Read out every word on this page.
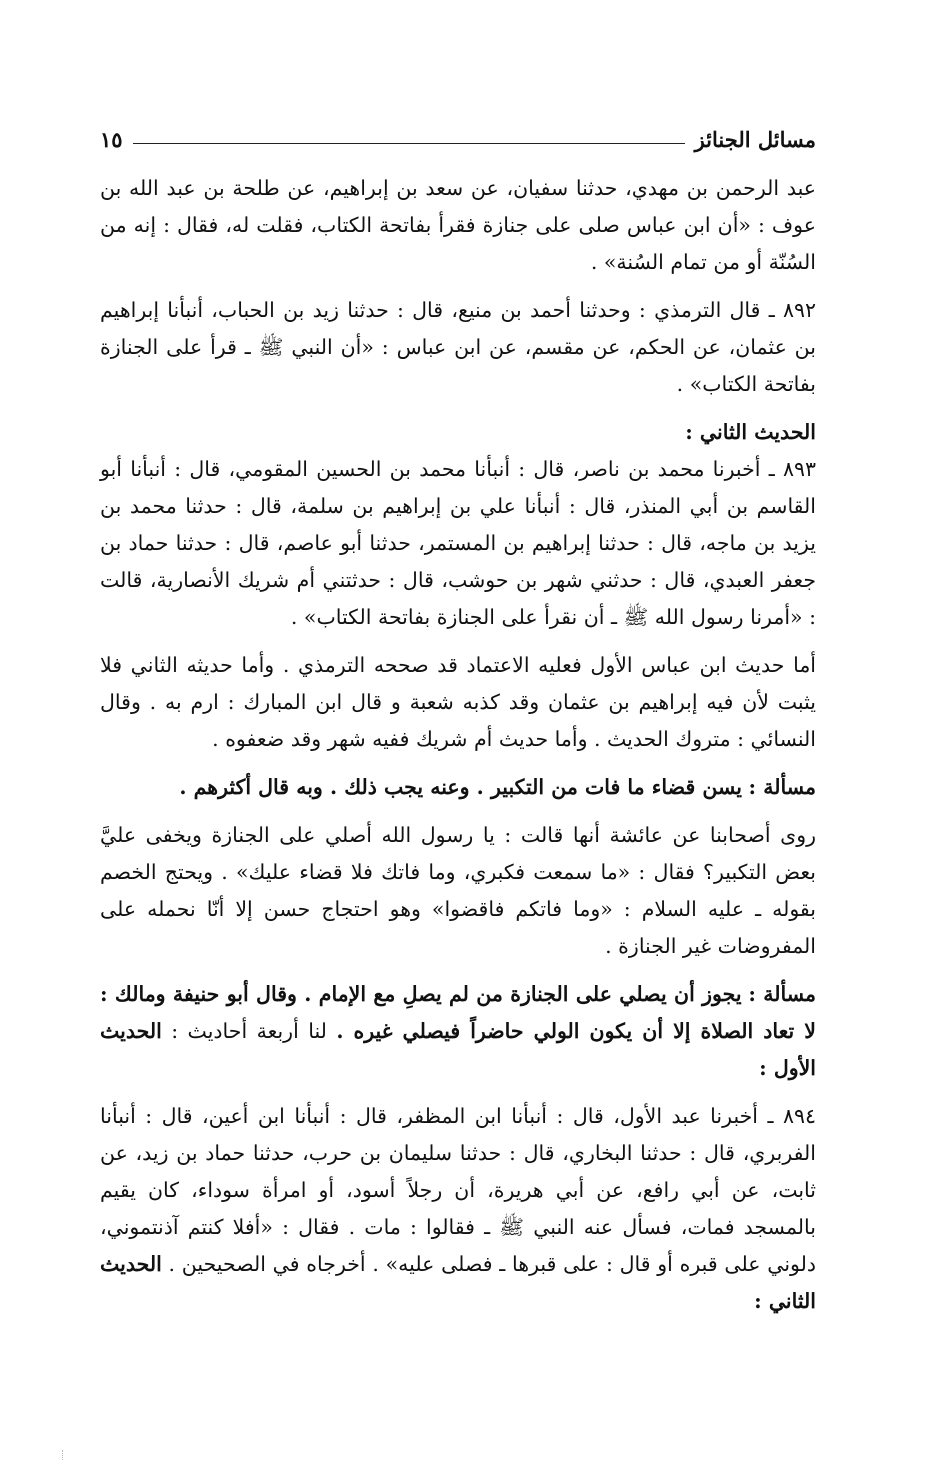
مسائل الجنائز
١٥

عبد الرحمن بن مهدي، حدثنا سفيان، عن سعد بن إبراهيم، عن طلحة بن عبد الله بن عوف : «أن ابن عباس صلى على جنازة فقرأ بفاتحة الكتاب، فقلت له، فقال : إنه من السُنّة أو من تمام السُنة» .

٨٩٢ ـ قال الترمذي : وحدثنا أحمد بن منيع، قال : حدثنا زيد بن الحباب، أنبأنا إبراهيم بن عثمان، عن الحكم، عن مقسم، عن ابن عباس : «أن النبي ﷺ ـ قرأ على الجنازة بفاتحة الكتاب» .

الحديث الثاني :

٨٩٣ ـ أخبرنا محمد بن ناصر، قال : أنبأنا محمد بن الحسين المقومي، قال : أنبأنا أبو القاسم بن أبي المنذر، قال : أنبأنا علي بن إبراهيم بن سلمة، قال : حدثنا محمد بن يزيد بن ماجه، قال : حدثنا إبراهيم بن المستمر، حدثنا أبو عاصم، قال : حدثنا حماد بن جعفر العبدي، قال : حدثني شهر بن حوشب، قال : حدثتني أم شريك الأنصارية، قالت : «أمرنا رسول الله ﷺ ـ أن نقرأ على الجنازة بفاتحة الكتاب» .

أما حديث ابن عباس الأول فعليه الاعتماد قد صححه الترمذي . وأما حديثه الثاني فلا يثبت لأن فيه إبراهيم بن عثمان وقد كذبه شعبة و قال ابن المبارك : ارم به . وقال النسائي : متروك الحديث . وأما حديث أم شريك ففيه شهر وقد ضعفوه .

مسألة : يسن قضاء ما فات من التكبير . وعنه يجب ذلك . وبه قال أكثرهم .

روى أصحابنا عن عائشة أنها قالت : يا رسول الله أصلي على الجنازة ويخفى عليَّ بعض التكبير؟ فقال : «ما سمعت فكبري، وما فاتك فلا قضاء عليك» . ويحتج الخصم بقوله ـ عليه السلام : «وما فاتكم فاقضوا» وهو احتجاج حسن إلا أنّا نحمله على المفروضات غير الجنازة .

مسألة : يجوز أن يصلي على الجنازة من لم يصلِ مع الإمام . وقال أبو حنيفة ومالك : لا تعاد الصلاة إلا أن يكون الولي حاضراً فيصلي غيره . لنا أربعة أحاديث : الحديث الأول :

٨٩٤ ـ أخبرنا عبد الأول، قال : أنبأنا ابن المظفر، قال : أنبأنا ابن أعين، قال : أنبأنا الفربري، قال : حدثنا البخاري، قال : حدثنا سليمان بن حرب، حدثنا حماد بن زيد، عن ثابت، عن أبي رافع، عن أبي هريرة، أن رجلاً أسود، أو امرأة سوداء، كان يقيم بالمسجد فمات، فسأل عنه النبي ﷺ ـ فقالوا : مات . فقال : «أفلا كنتم آذنتموني، دلوني على قبره أو قال : على قبرها ـ فصلى عليه» . أخرجاه في الصحيحين . الحديث الثاني :
